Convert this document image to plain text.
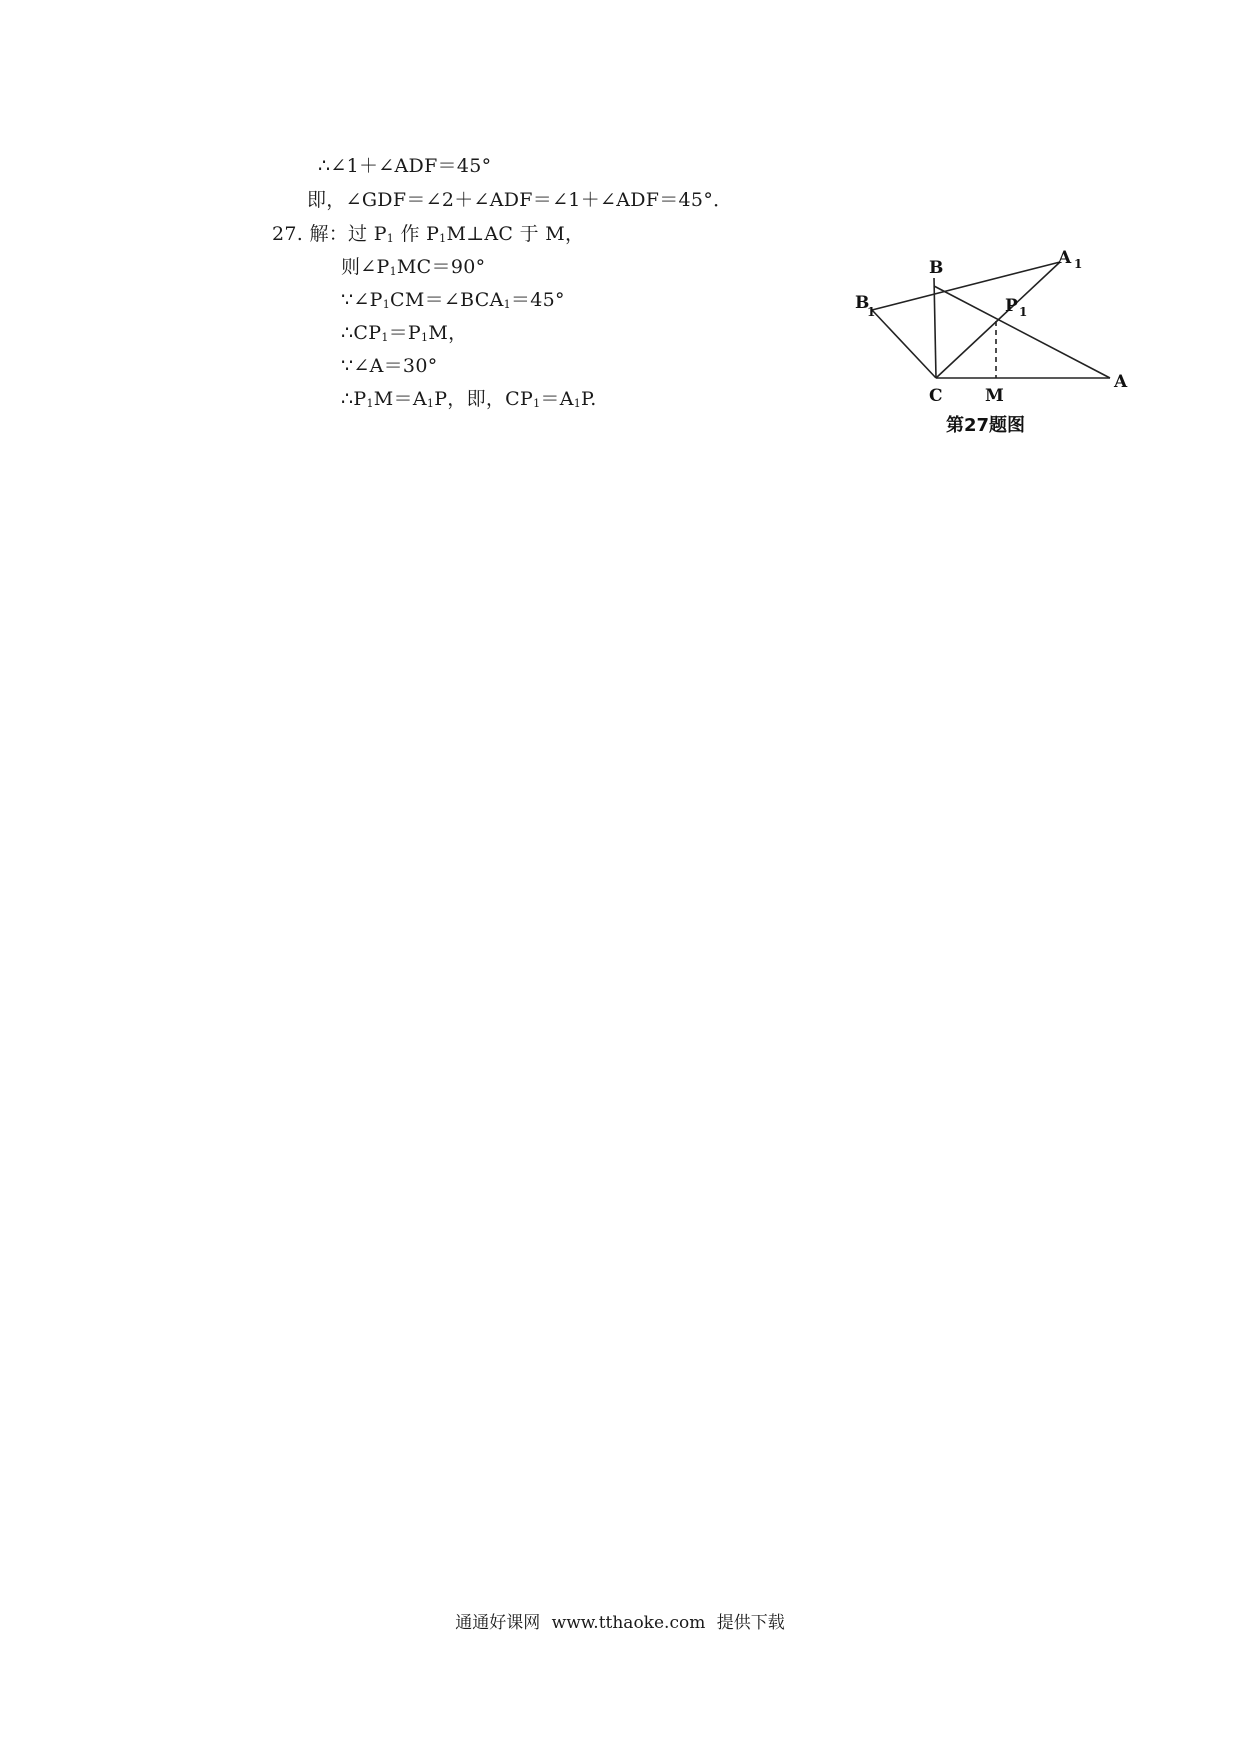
∴∠1＋∠ADF＝45°
即，∠GDF＝∠2＋∠ADF＝∠1＋∠ADF＝45°．
27. 解：过 $P_1$ 作 $P_1M\perp AC$ 于 M，
则$\angle P_1MC=90^\circ$
$\because\angle P_1CM=\angle BCA_1=45^\circ$
$\therefore CP_1=P_1M$，
∵∠A＝30°
$\therefore P_1M=A_1P$，即，$CP_1=A_1P$.
B	A 1
B
1	P 1
C M
A
第27题图
通通好课网 www.tthaoke.com 提供下载
